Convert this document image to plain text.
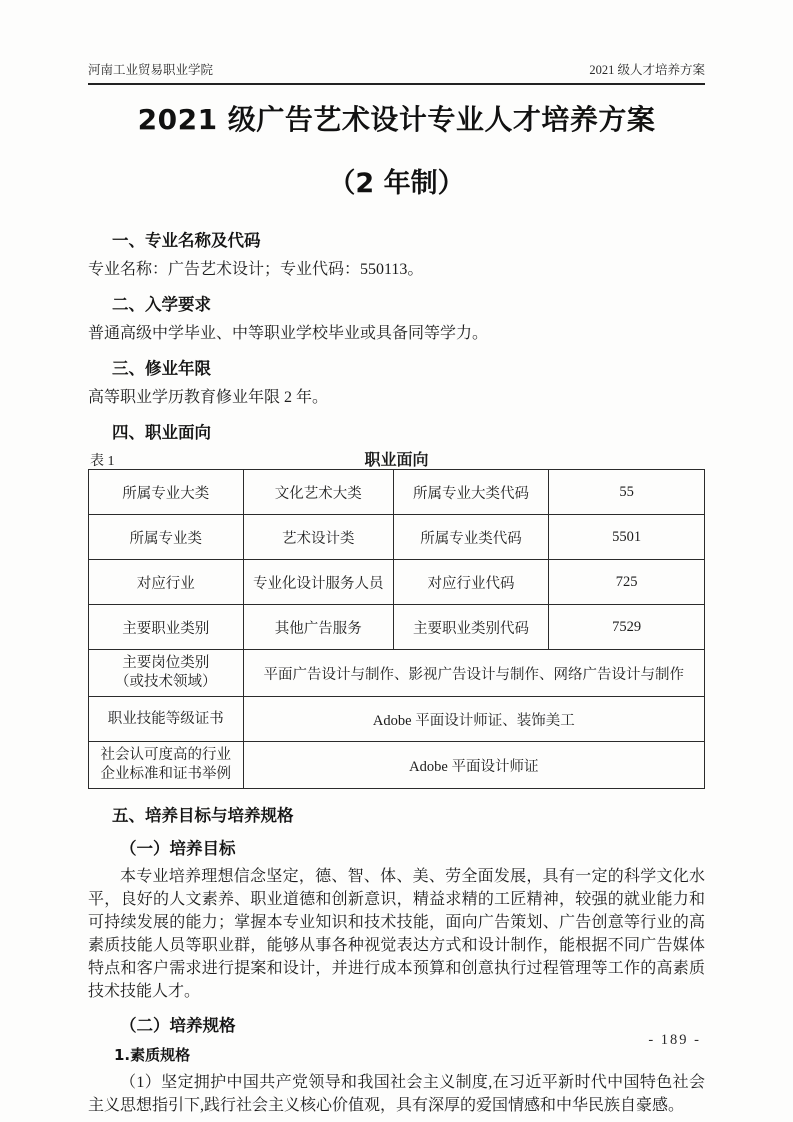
河南工业贸易职业学院	2021 级人才培养方案
2021 级广告艺术设计专业人才培养方案
（2 年制）
一、专业名称及代码
专业名称：广告艺术设计；专业代码：550113。
二、入学要求
普通高级中学毕业、中等职业学校毕业或具备同等学力。
三、修业年限
高等职业学历教育修业年限 2 年。
四、职业面向
表 1	职业面向
所属专业大类	文化艺术大类	所属专业大类代码	55
所属专业类	艺术设计类	所属专业类代码	5501
对应行业	专业化设计服务人员	对应行业代码	725
主要职业类别	其他广告服务	主要职业类别代码	7529

主要岗位类别
（或技术领域）	平面广告设计与制作、影视广告设计与制作、网络广告设计与制作		

职业技能等级证书	Adobe 平面设计师证、装饰美工		

社会认可度高的行业
企业标准和证书举例	Adobe 平面设计师证		
五、培养目标与培养规格
（一）培养目标
本专业培养理想信念坚定，德、智、体、美、劳全面发展，具有一定的科学文化水平，良好的人文素养、职业道德和创新意识，精益求精的工匠精神，较强的就业能力和可持续发展的能力；掌握本专业知识和技术技能，面向广告策划、广告创意等行业的高素质技能人员等职业群，能够从事各种视觉表达方式和设计制作，能根据不同广告媒体特点和客户需求进行提案和设计，并进行成本预算和创意执行过程管理等工作的高素质技术技能人才。
（二）培养规格
1.素质规格
（1）坚定拥护中国共产党领导和我国社会主义制度,在习近平新时代中国特色社会主义思想指引下,践行社会主义核心价值观，具有深厚的爱国情感和中华民族自豪感。
- 189 -
